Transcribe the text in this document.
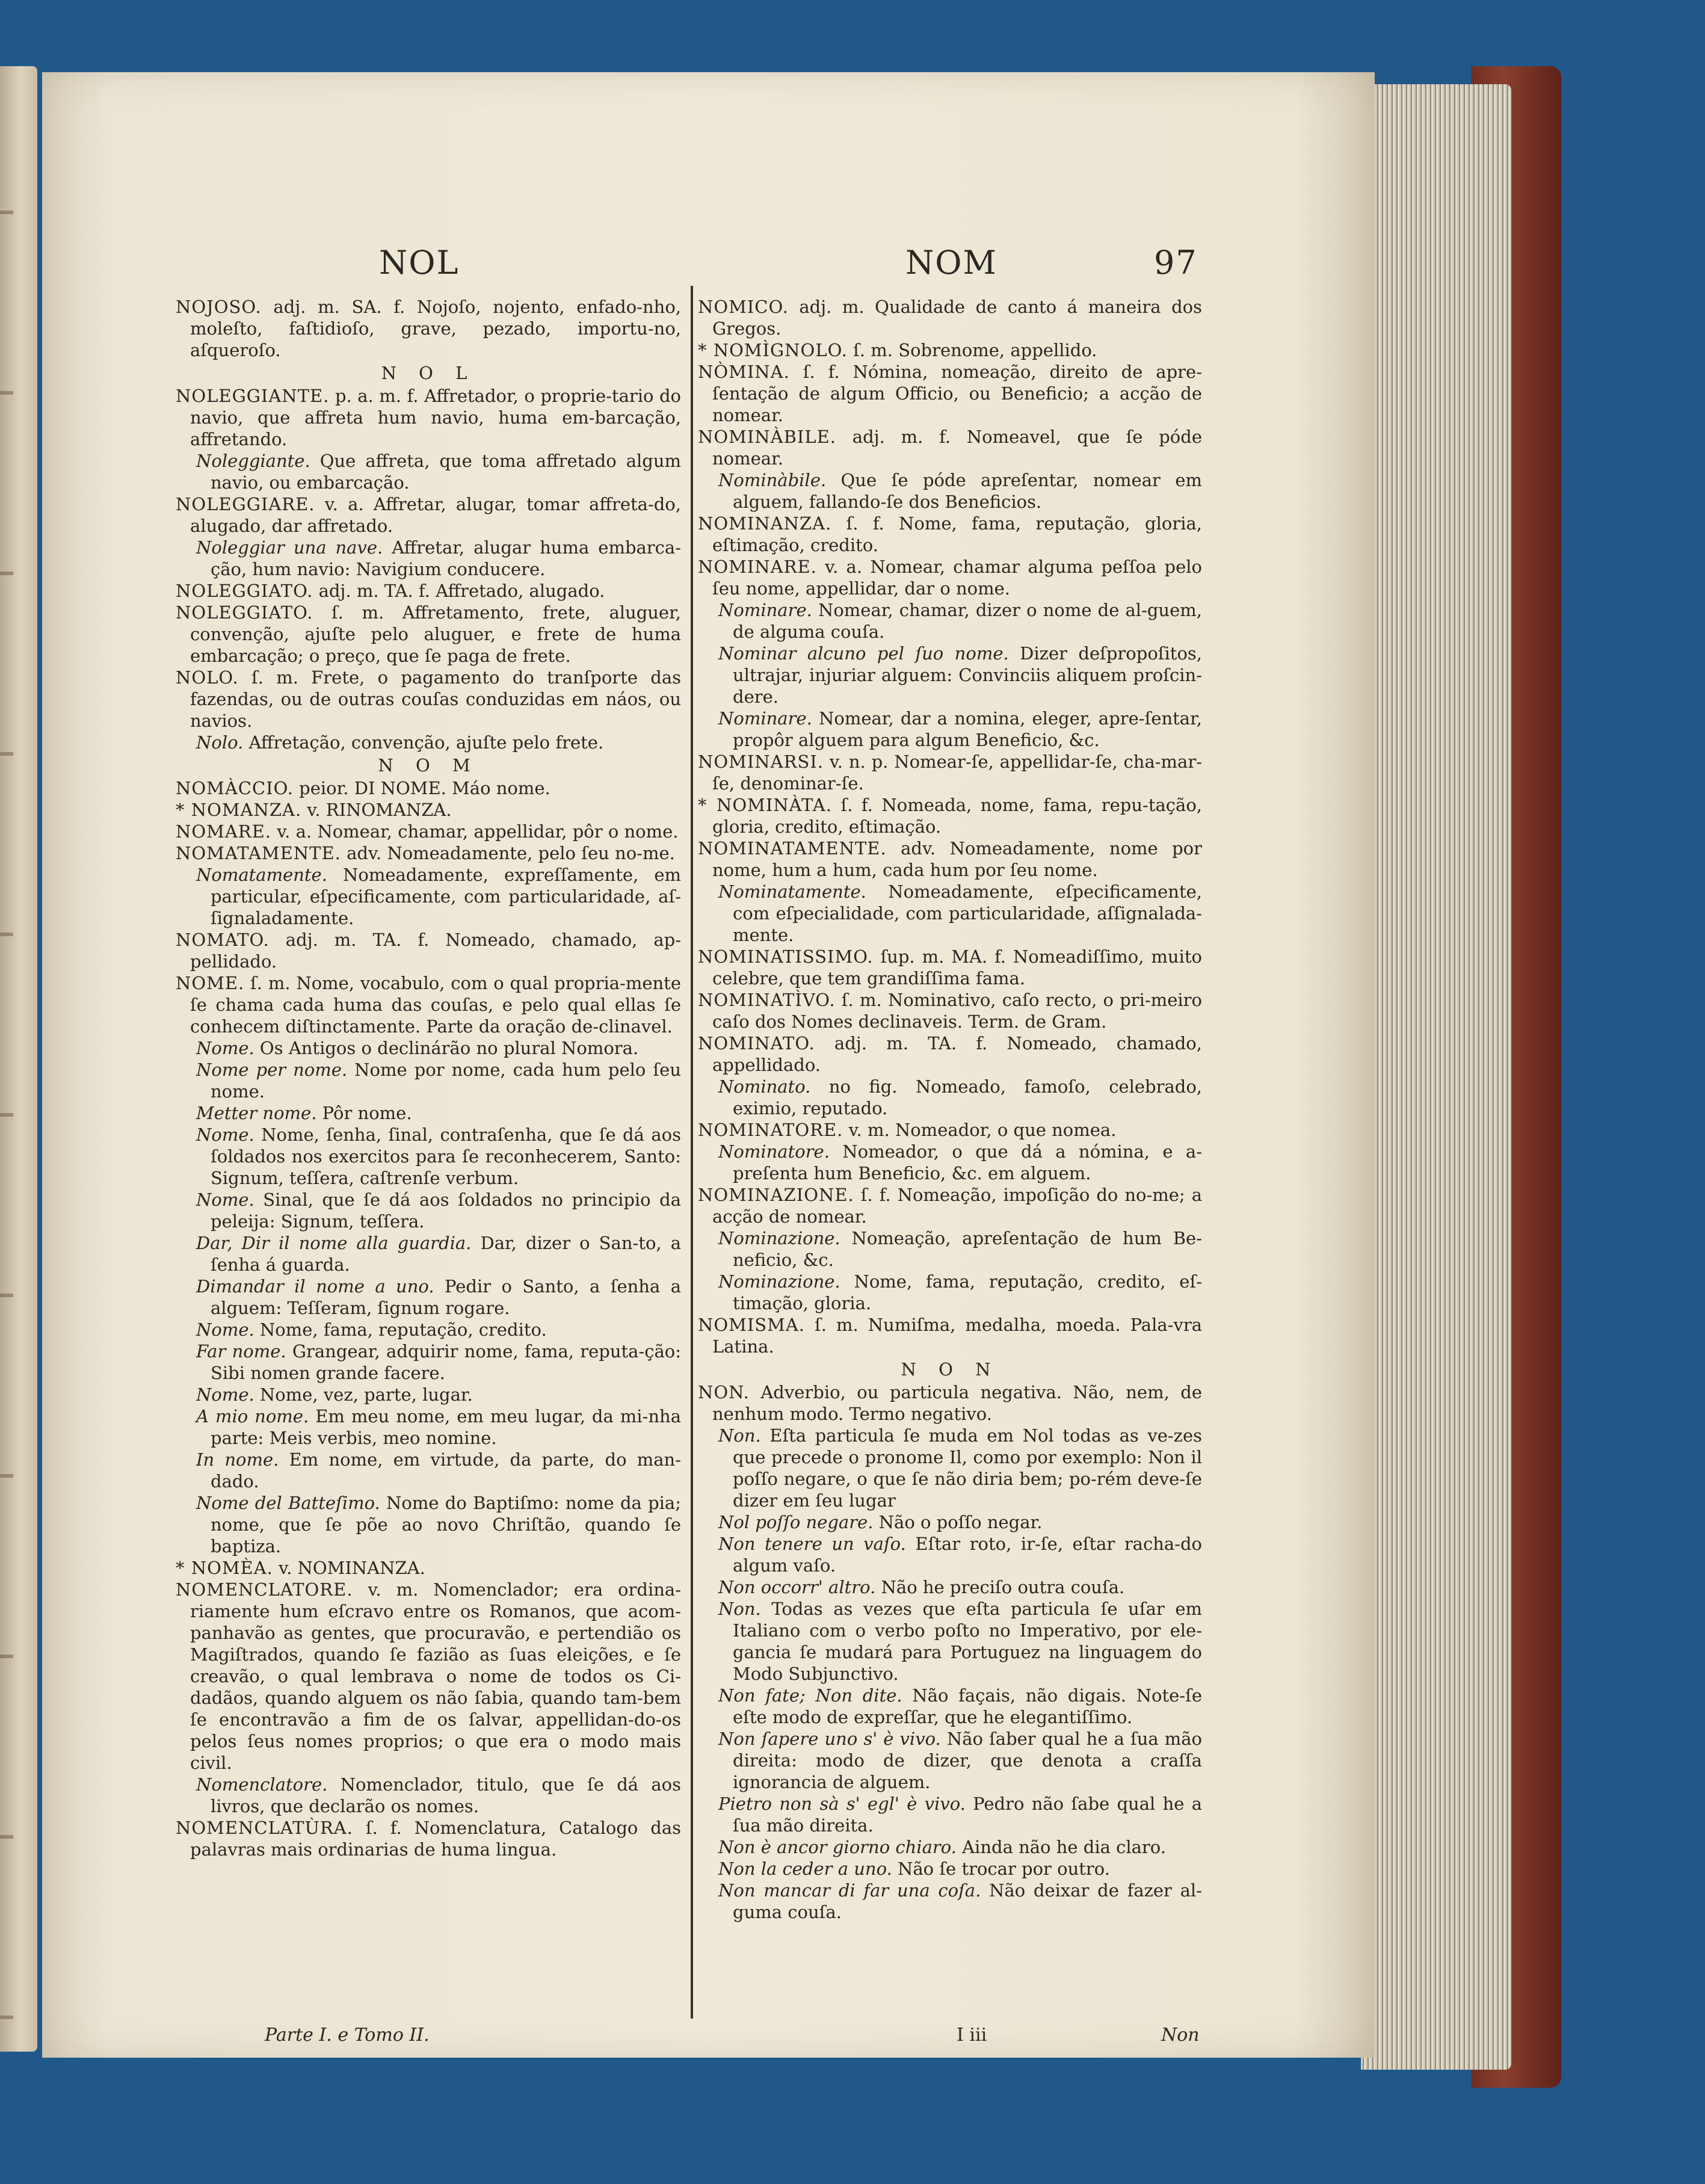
NOL	NOM	97

NOJOSO. adj. m. SA. f. Nojoſo, nojento, enfado-nho, moleſto, faſtidioſo, grave, pezado, importu-no, aſqueroſo.

N O L

NOLEGGIANTE. p. a. m. f. Affretador, o proprie-tario do navio, que affreta hum navio, huma em-barcação, affretando.

Noleggiante. Que affreta, que toma affretado algum navio, ou embarcação.

NOLEGGIARE. v. a. Affretar, alugar, tomar affreta-do, alugado, dar affretado.

Noleggiar una nave. Affretar, alugar huma embarca-ção, hum navio: Navigium conducere.

NOLEGGIATO. adj. m. TA. f. Affretado, alugado.

NOLEGGIATO. ſ. m. Affretamento, frete, aluguer, convenção, ajuſte pelo aluguer, e frete de huma embarcação; o preço, que ſe paga de frete.

NOLO. ſ. m. Frete, o pagamento do tranſporte das fazendas, ou de outras couſas conduzidas em náos, ou navios.

Nolo. Affretação, convenção, ajuſte pelo frete.

N O M

NOMÀCCIO. peior. DI NOME. Máo nome.

* NOMANZA. v. RINOMANZA.

NOMARE. v. a. Nomear, chamar, appellidar, pôr o nome.

NOMATAMENTE. adv. Nomeadamente, pelo ſeu no-me.

Nomatamente. Nomeadamente, expreſſamente, em particular, eſpecificamente, com particularidade, aſ-ſignaladamente.

NOMATO. adj. m. TA. f. Nomeado, chamado, ap-pellidado.

NOME. ſ. m. Nome, vocabulo, com o qual propria-mente ſe chama cada huma das couſas, e pelo qual ellas ſe conhecem diſtinctamente. Parte da oração de-clinavel.

Nome. Os Antigos o declinárão no plural Nomora.

Nome per nome. Nome por nome, cada hum pelo ſeu nome.

Metter nome. Pôr nome.

Nome. Nome, ſenha, ſinal, contraſenha, que ſe dá aos ſoldados nos exercitos para ſe reconhecerem, Santo: Signum, teſſera, caſtrenſe verbum.

Nome. Sinal, que ſe dá aos ſoldados no principio da peleija: Signum, teſſera.

Dar, Dir il nome alla guardia. Dar, dizer o San-to, a ſenha á guarda.

Dimandar il nome a uno. Pedir o Santo, a ſenha a alguem: Teſſeram, ſignum rogare.

Nome. Nome, fama, reputação, credito.

Far nome. Grangear, adquirir nome, fama, reputa-ção: Sibi nomen grande facere.

Nome. Nome, vez, parte, lugar.

A mio nome. Em meu nome, em meu lugar, da mi-nha parte: Meis verbis, meo nomine.

In nome. Em nome, em virtude, da parte, do man-dado.

Nome del Batteſimo. Nome do Baptiſmo: nome da pia; nome, que ſe põe ao novo Chriſtão, quando ſe baptiza.

* NOMÈA. v. NOMINANZA.

NOMENCLATORE. v. m. Nomenclador; era ordina-riamente hum eſcravo entre os Romanos, que acom-panhavão as gentes, que procuravão, e pertendião os Magiſtrados, quando ſe fazião as ſuas eleições, e ſe creavão, o qual lembrava o nome de todos os Ci-dadãos, quando alguem os não ſabia, quando tam-bem ſe encontravão a fim de os ſalvar, appellidan-do-os pelos ſeus nomes proprios; o que era o modo mais civil.

Nomenclatore. Nomenclador, titulo, que ſe dá aos livros, que declarão os nomes.

NOMENCLATÙRA. ſ. f. Nomenclatura, Catalogo das palavras mais ordinarias de huma lingua.

NOMICO. adj. m. Qualidade de canto á maneira dos Gregos.

* NOMÌGNOLO. ſ. m. Sobrenome, appellido.

NÒMINA. ſ. f. Nómina, nomeação, direito de apre-ſentação de algum Officio, ou Beneficio; a acção de nomear.

NOMINÀBILE. adj. m. f. Nomeavel, que ſe póde nomear.

Nominàbile. Que ſe póde apreſentar, nomear em alguem, fallando-ſe dos Beneficios.

NOMINANZA. ſ. f. Nome, fama, reputação, gloria, eſtimação, credito.

NOMINARE. v. a. Nomear, chamar alguma peſſoa pelo ſeu nome, appellidar, dar o nome.

Nominare. Nomear, chamar, dizer o nome de al-guem, de alguma couſa.

Nominar alcuno pel ſuo nome. Dizer deſpropoſitos, ultrajar, injuriar alguem: Convinciis aliquem proſcin-dere.

Nominare. Nomear, dar a nomina, eleger, apre-ſentar, propôr alguem para algum Beneficio, &c.

NOMINARSI. v. n. p. Nomear-ſe, appellidar-ſe, cha-mar-ſe, denominar-ſe.

* NOMINÀTA. ſ. f. Nomeada, nome, fama, repu-tação, gloria, credito, eſtimação.

NOMINATAMENTE. adv. Nomeadamente, nome por nome, hum a hum, cada hum por ſeu nome.

Nominatamente. Nomeadamente, eſpecificamente, com eſpecialidade, com particularidade, aſſignalada-mente.

NOMINATISSIMO. ſup. m. MA. f. Nomeadiſſimo, muito celebre, que tem grandiſſima fama.

NOMINATÌVO. ſ. m. Nominativo, caſo recto, o pri-meiro caſo dos Nomes declinaveis. Term. de Gram.

NOMINATO. adj. m. TA. f. Nomeado, chamado, appellidado.

Nominato. no fig. Nomeado, famoſo, celebrado, eximio, reputado.

NOMINATORE. v. m. Nomeador, o que nomea.

Nominatore. Nomeador, o que dá a nómina, e a-preſenta hum Beneficio, &c. em alguem.

NOMINAZIONE. ſ. f. Nomeação, impoſição do no-me; a acção de nomear.

Nominazione. Nomeação, apreſentação de hum Be-neficio, &c.

Nominazione. Nome, fama, reputação, credito, eſ-timação, gloria.

NOMISMA. ſ. m. Numiſma, medalha, moeda. Pala-vra Latina.

N O N

NON. Adverbio, ou particula negativa. Não, nem, de nenhum modo. Termo negativo.

Non. Eſta particula ſe muda em Nol todas as ve-zes que precede o pronome Il, como por exemplo: Non il poſſo negare, o que ſe não diria bem; po-rém deve-ſe dizer em ſeu lugar

Nol poſſo negare. Não o poſſo negar.

Non tenere un vaſo. Eſtar roto, ir-ſe, eſtar racha-do algum vaſo.

Non occorr' altro. Não he preciſo outra couſa.

Non. Todas as vezes que eſta particula ſe uſar em Italiano com o verbo poſto no Imperativo, por ele-gancia ſe mudará para Portuguez na linguagem do Modo Subjunctivo.

Non fate; Non dite. Não façais, não digais. Note-ſe eſte modo de expreſſar, que he elegantiſſimo.

Non ſapere uno s' è vivo. Não ſaber qual he a ſua mão direita: modo de dizer, que denota a craſſa ignorancia de alguem.

Pietro non sà s' egl' è vivo. Pedro não ſabe qual he a ſua mão direita.

Non è ancor giorno chiaro. Ainda não he dia claro.

Non la ceder a uno. Não ſe trocar por outro.

Non mancar di far una coſa. Não deixar de fazer al-guma couſa.

Parte I. e Tomo II.	I iii	Non
